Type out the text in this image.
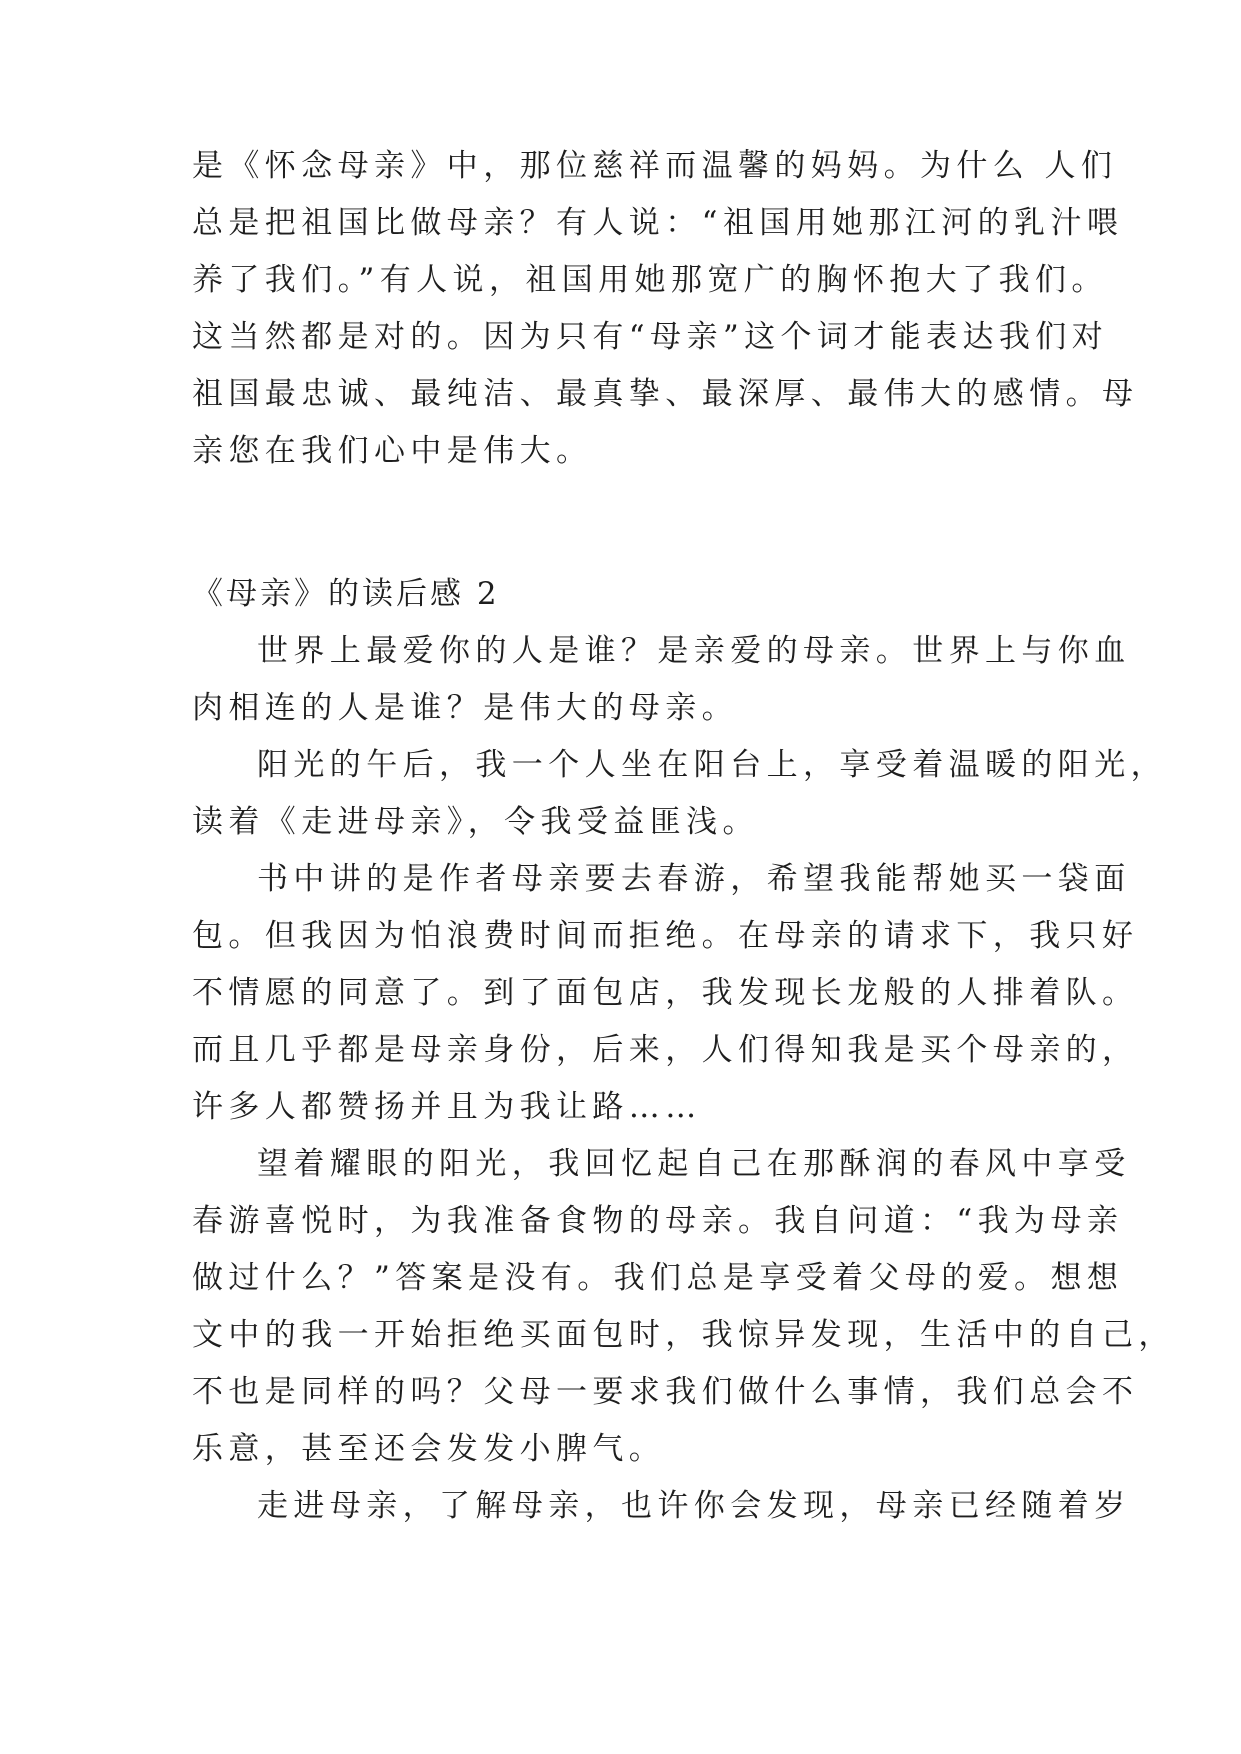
是《怀念母亲》中，那位慈祥而温馨的妈妈。为什么 人们
总是把祖国比做母亲？有人说：“祖国用她那江河的乳汁喂
养了我们。”有人说，祖国用她那宽广的胸怀抱大了我们。
这当然都是对的。因为只有“母亲”这个词才能表达我们对
祖国最忠诚、最纯洁、最真挚、最深厚、最伟大的感情。母
亲您在我们心中是伟大。
《母亲》的读后感 2
世界上最爱你的人是谁？是亲爱的母亲。世界上与你血
肉相连的人是谁？是伟大的母亲。
阳光的午后，我一个人坐在阳台上，享受着温暖的阳光，
读着《走进母亲》，令我受益匪浅。
书中讲的是作者母亲要去春游，希望我能帮她买一袋面
包。但我因为怕浪费时间而拒绝。在母亲的请求下，我只好
不情愿的同意了。到了面包店，我发现长龙般的人排着队。
而且几乎都是母亲身份，后来，人们得知我是买个母亲的，
许多人都赞扬并且为我让路……
望着耀眼的阳光，我回忆起自己在那酥润的春风中享受
春游喜悦时，为我准备食物的母亲。我自问道：“我为母亲
做过什么？”答案是没有。我们总是享受着父母的爱。想想
文中的我一开始拒绝买面包时，我惊异发现，生活中的自己，
不也是同样的吗？父母一要求我们做什么事情，我们总会不
乐意，甚至还会发发小脾气。
走进母亲，了解母亲，也许你会发现，母亲已经随着岁
